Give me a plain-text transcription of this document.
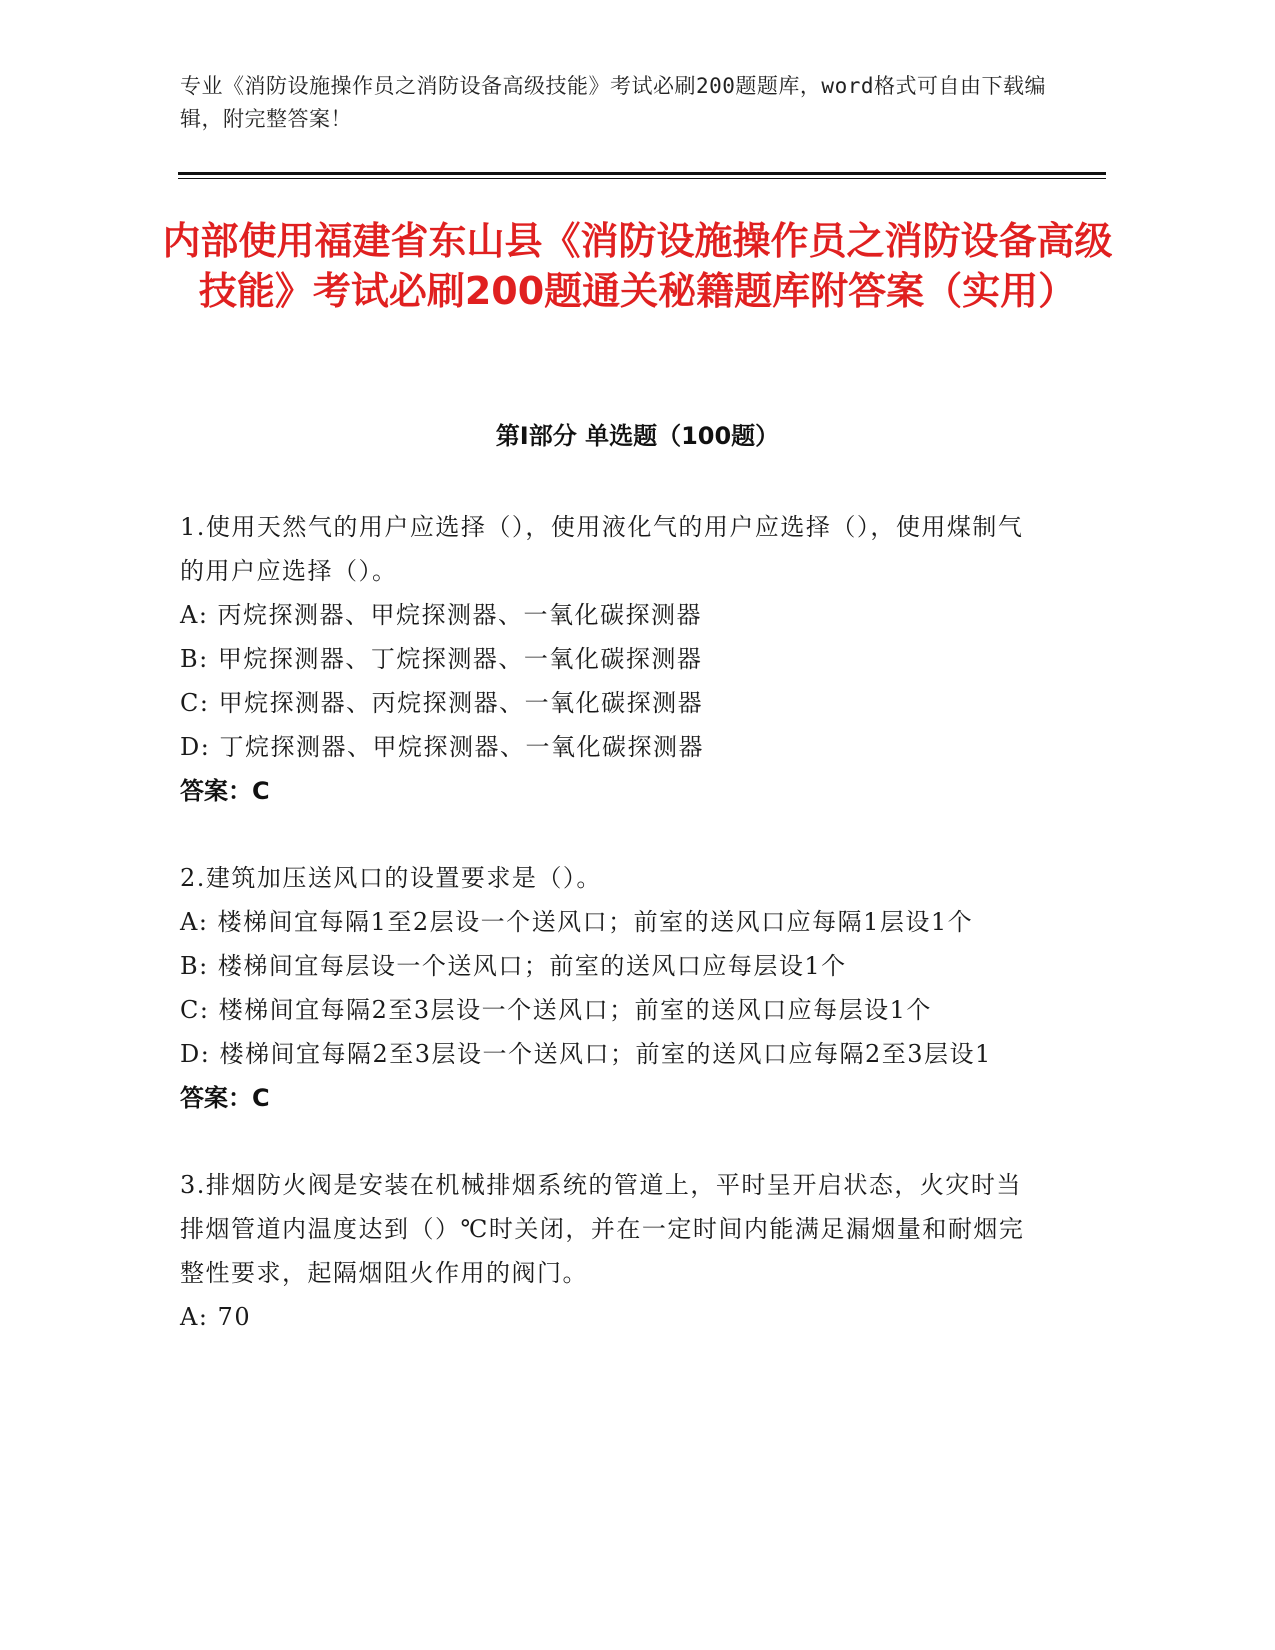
专业《消防设施操作员之消防设备高级技能》考试必刷200题题库，word格式可自由下载编辑，附完整答案！
内部使用福建省东山县《消防设施操作员之消防设备高级技能》考试必刷200题通关秘籍题库附答案（实用）
第Ⅰ部分 单选题（100题）

1.使用天然气的用户应选择（），使用液化气的用户应选择（），使用煤制气的用户应选择（）。

A: 丙烷探测器、甲烷探测器、一氧化碳探测器

B: 甲烷探测器、丁烷探测器、一氧化碳探测器

C: 甲烷探测器、丙烷探测器、一氧化碳探测器

D: 丁烷探测器、甲烷探测器、一氧化碳探测器

答案：C

2.建筑加压送风口的设置要求是（）。

A: 楼梯间宜每隔1至2层设一个送风口；前室的送风口应每隔1层设1个

B: 楼梯间宜每层设一个送风口；前室的送风口应每层设1个

C: 楼梯间宜每隔2至3层设一个送风口；前室的送风口应每层设1个

D: 楼梯间宜每隔2至3层设一个送风口；前室的送风口应每隔2至3层设1

答案：C

3.排烟防火阀是安装在机械排烟系统的管道上，平时呈开启状态，火灾时当排烟管道内温度达到（）℃时关闭，并在一定时间内能满足漏烟量和耐烟完整性要求，起隔烟阻火作用的阀门。

A: 70
